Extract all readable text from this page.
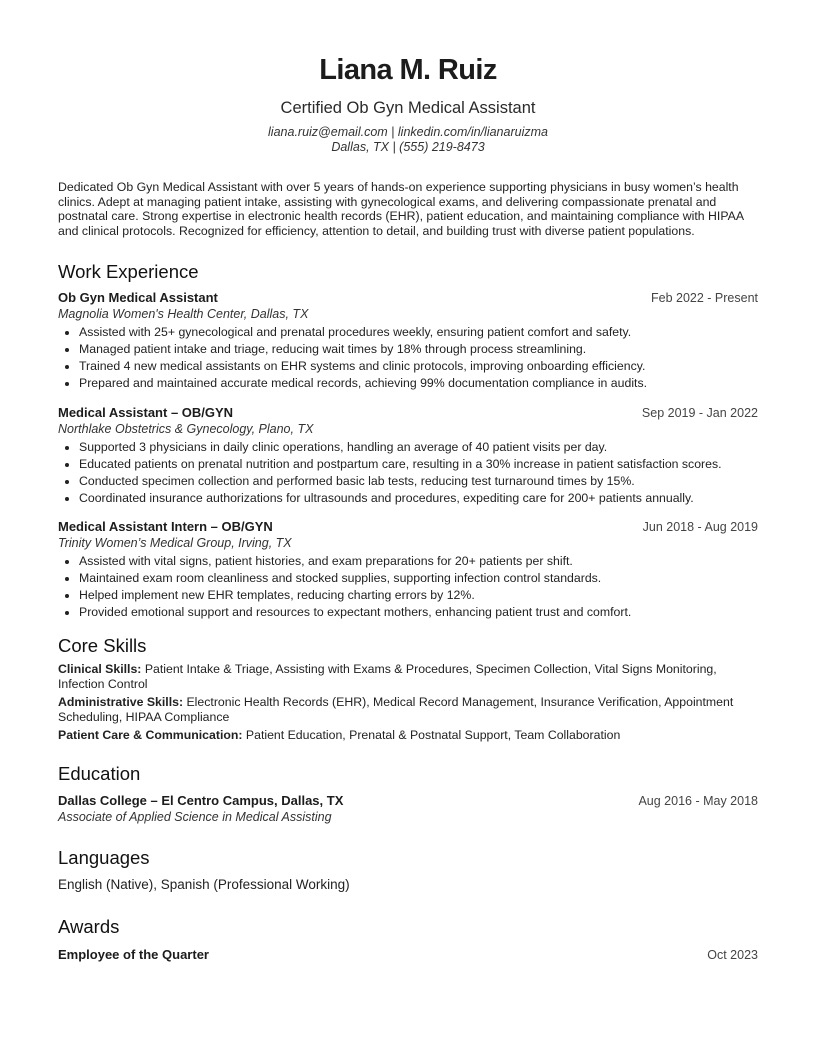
Liana M. Ruiz
Certified Ob Gyn Medical Assistant
liana.ruiz@email.com | linkedin.com/in/lianaruizma
Dallas, TX | (555) 219-8473
Dedicated Ob Gyn Medical Assistant with over 5 years of hands-on experience supporting physicians in busy women’s health clinics. Adept at managing patient intake, assisting with gynecological exams, and delivering compassionate prenatal and postnatal care. Strong expertise in electronic health records (EHR), patient education, and maintaining compliance with HIPAA and clinical protocols. Recognized for efficiency, attention to detail, and building trust with diverse patient populations.
Work Experience
Ob Gyn Medical Assistant	Feb 2022 - Present
Magnolia Women's Health Center, Dallas, TX
• Assisted with 25+ gynecological and prenatal procedures weekly, ensuring patient comfort and safety.
• Managed patient intake and triage, reducing wait times by 18% through process streamlining.
• Trained 4 new medical assistants on EHR systems and clinic protocols, improving onboarding efficiency.
• Prepared and maintained accurate medical records, achieving 99% documentation compliance in audits.
Medical Assistant – OB/GYN	Sep 2019 - Jan 2022
Northlake Obstetrics & Gynecology, Plano, TX
• Supported 3 physicians in daily clinic operations, handling an average of 40 patient visits per day.
• Educated patients on prenatal nutrition and postpartum care, resulting in a 30% increase in patient satisfaction scores.
• Conducted specimen collection and performed basic lab tests, reducing test turnaround times by 15%.
• Coordinated insurance authorizations for ultrasounds and procedures, expediting care for 200+ patients annually.
Medical Assistant Intern – OB/GYN	Jun 2018 - Aug 2019
Trinity Women’s Medical Group, Irving, TX
• Assisted with vital signs, patient histories, and exam preparations for 20+ patients per shift.
• Maintained exam room cleanliness and stocked supplies, supporting infection control standards.
• Helped implement new EHR templates, reducing charting errors by 12%.
• Provided emotional support and resources to expectant mothers, enhancing patient trust and comfort.
Core Skills
Clinical Skills: Patient Intake & Triage, Assisting with Exams & Procedures, Specimen Collection, Vital Signs Monitoring, Infection Control
Administrative Skills: Electronic Health Records (EHR), Medical Record Management, Insurance Verification, Appointment Scheduling, HIPAA Compliance
Patient Care & Communication: Patient Education, Prenatal & Postnatal Support, Team Collaboration
Education
Dallas College – El Centro Campus, Dallas, TX	Aug 2016 - May 2018
Associate of Applied Science in Medical Assisting
Languages
English (Native), Spanish (Professional Working)
Awards
Employee of the Quarter	Oct 2023
